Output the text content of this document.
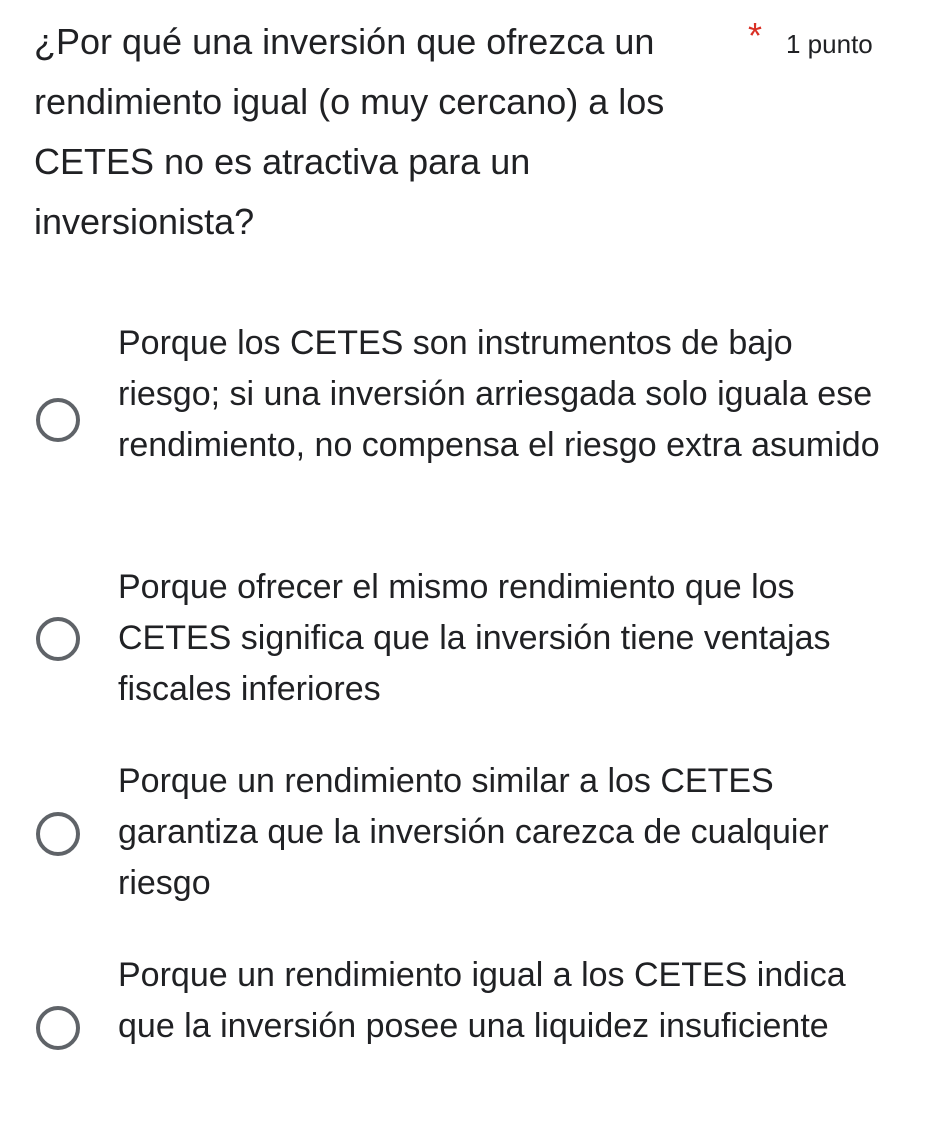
¿Por qué una inversión que ofrezca un rendimiento igual (o muy cercano) a los CETES no es atractiva para un inversionista?
* 1 punto
Porque los CETES son instrumentos de bajo riesgo; si una inversión arriesgada solo iguala ese rendimiento, no compensa el riesgo extra asumido
Porque ofrecer el mismo rendimiento que los CETES significa que la inversión tiene ventajas fiscales inferiores
Porque un rendimiento similar a los CETES garantiza que la inversión carezca de cualquier riesgo
Porque un rendimiento igual a los CETES indica que la inversión posee una liquidez insuficiente
